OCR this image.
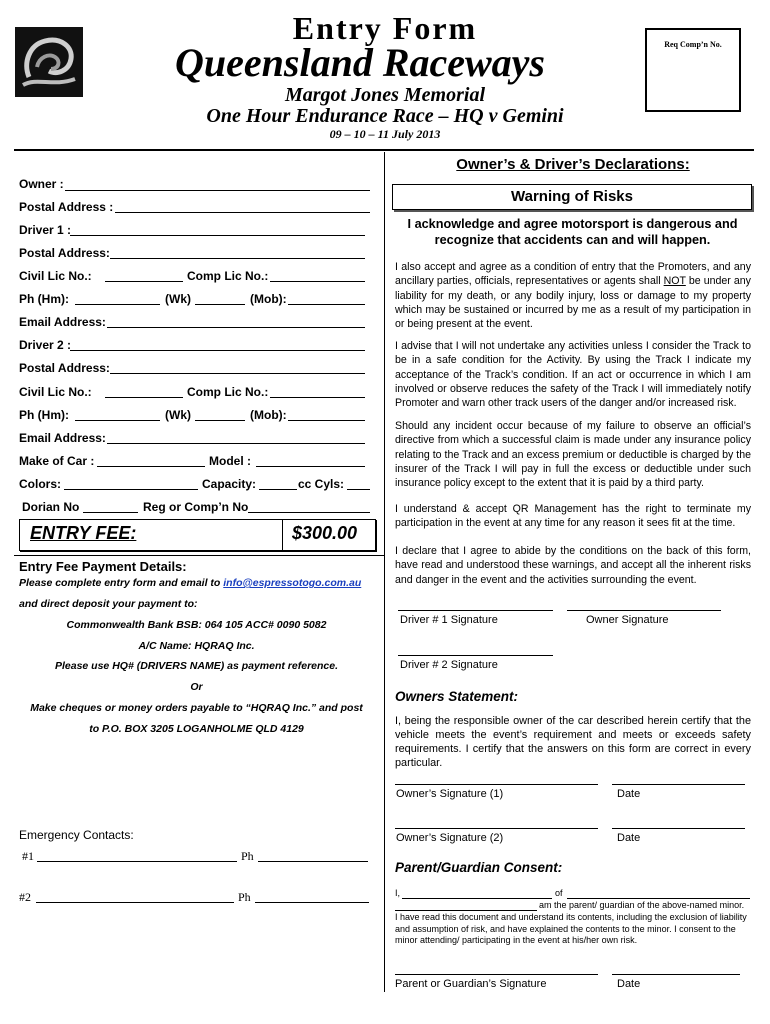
Entry Form
Queensland Raceways
Margot Jones Memorial
One Hour Endurance Race – HQ v Gemini
09 – 10 – 11 July 2013
Req Comp’n No.
Owner :
Postal Address :
Driver 1 :
Postal Address:
Civil Lic No.:	Comp Lic No.:
Ph (Hm):	(Wk)	(Mob):
Email Address:
Driver 2 :
Postal Address:
Civil Lic No.:	Comp Lic No.:
Ph (Hm):	(Wk)	(Mob):
Email Address:
Make of Car :	Model :
Colors:	Capacity:	cc Cyls:
Dorian No	Reg or Comp’n No
ENTRY FEE:	$300.00
Entry Fee Payment Details:
Please complete entry form and email to info@espressotogo.com.au
and direct deposit your payment to:
Commonwealth Bank BSB: 064 105 ACC# 0090 5082
A/C Name: HQRAQ Inc.
Please use HQ# (DRIVERS NAME) as payment reference.
Or
Make cheques or money orders payable to “HQRAQ Inc.” and post
to P.O. BOX 3205 LOGANHOLME QLD 4129
Emergency Contacts:
#1	Ph
#2	Ph
Owner’s & Driver’s Declarations:
Warning of Risks
I acknowledge and agree motorsport is dangerous and recognize that accidents can and will happen.
I also accept and agree as a condition of entry that the Promoters, and any ancillary parties, officials, representatives or agents shall NOT be under any liability for my death, or any bodily injury, loss or damage to my property which may be sustained or incurred by me as a result of my participation in or being present at the event.
I advise that I will not undertake any activities unless I consider the Track to be in a safe condition for the Activity. By using the Track I indicate my acceptance of the Track’s condition. If an act or occurrence in which I am involved or observe reduces the safety of the Track I will immediately notify Promoter and warn other track users of the danger and/or increased risk.
Should any incident occur because of my failure to observe an official’s directive from which a successful claim is made under any insurance policy relating to the Track and an excess premium or deductible is charged by the insurer of the Track I will pay in full the excess or deductible under such insurance policy except to the extent that it is paid by a third party.
I understand & accept QR Management has the right to terminate my participation in the event at any time for any reason it sees fit at the time.
I declare that I agree to abide by the conditions on the back of this form, have read and understood these warnings, and accept all the inherent risks and danger in the event and the activities surrounding the event.
Driver # 1 Signature	Owner Signature
Driver # 2 Signature
Owners Statement:
I, being the responsible owner of the car described herein certify that the vehicle meets the event’s requirement and meets or exceeds safety requirements. I certify that the answers on this form are correct in every particular.
Owner’s Signature (1)	Date
Owner’s Signature (2)	Date
Parent/Guardian Consent:
I,	of
am the parent/ guardian of the above-named minor.
I have read this document and understand its contents, including the exclusion of liability and assumption of risk, and have explained the contents to the minor. I consent to the minor attending/ participating in the event at his/her own risk.
Parent or Guardian’s Signature	Date
